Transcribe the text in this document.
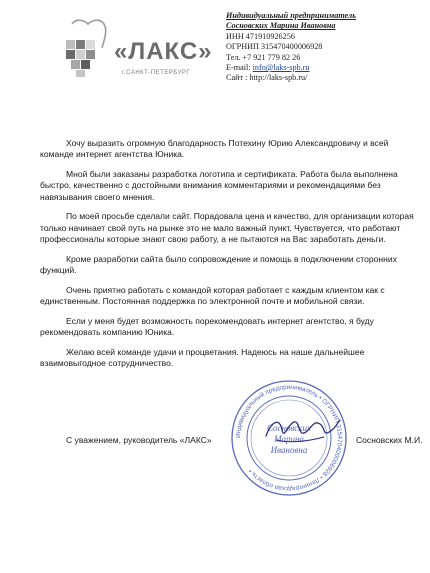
«ЛАКС»
г.САНКТ-ПЕТЕРБУРГ
Индивидуальный предприниматель
Сосновских Марина Ивановна
ИНН 471910926256
ОГРНИП 315470400006928
Тел. +7 921 779 82 26
E-mail: info@laks-spb.ru
Сайт : http://laks-spb.ru/

Хочу выразить огромную благодарность Потехину Юрию Александровичу и всей команде интернет агентства Юника.

Мной были заказаны разработка логотипа и сертификата. Работа была выполнена быстро, качественно с достойными внимания комментариями и рекомендациями без навязывания своего мнения.

По моей просьбе сделали сайт. Порадовала цена и качество, для организации которая только начинает свой путь на рынке это не мало важный пункт. Чувствуется, что работают профессионалы которые знают свою работу, а не пытаются на Вас заработать деньги.

Кроме разработки сайта было сопровождение и помощь в подключении сторонних функций.

Очень приятно работать с командой которая работает с каждым клиентом как с единственным. Постоянная поддержка по электронной почте и мобильной связи.

Если у меня будет возможность порекомендовать интернет агентство, я буду рекомендовать компанию Юника.

Желаю всей команде удачи и процветания. Надеюсь на наше дальнейшее взаимовыгодное сотрудничество.

Индивидуальный предприниматель • ОГРНИП 315470400006928 • Ленинградская область •
Сосновских
Марина
Ивановна
С уважением, руководитель «ЛАКС»	Сосновских М.И.
